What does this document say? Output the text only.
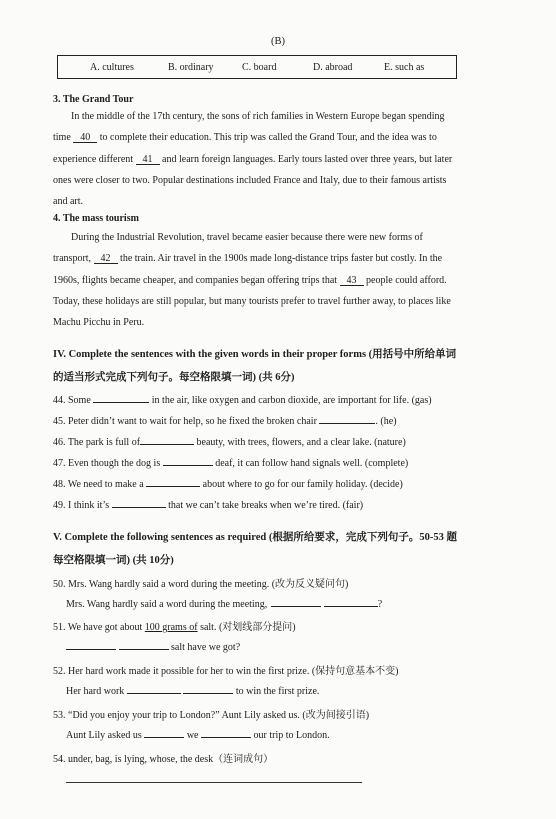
(B)
A. cultures	B. ordinary	C. board	D. abroad	E. such as
3. The Grand Tour
In the middle of the 17th century, the sons of rich families in Western Europe began spending
time 40 to complete their education. This trip was called the Grand Tour, and the idea was to
experience different 41 and learn foreign languages. Early tours lasted over three years, but later
ones were closer to two. Popular destinations included France and Italy, due to their famous artists
and art.
4. The mass tourism
During the Industrial Revolution, travel became easier because there were new forms of
transport, 42 the train. Air travel in the 1900s made long-distance trips faster but costly. In the
1960s, flights became cheaper, and companies began offering trips that 43 people could afford.
Today, these holidays are still popular, but many tourists prefer to travel further away, to places like
Machu Picchu in Peru.
IV. Complete the sentences with the given words in their proper forms (用括号中所给单词
的适当形式完成下列句子。每空格限填一词) (共 6分)
44. Some	in the air, like oxygen and carbon dioxide, are important for life. (gas)
45. Peter didn’t want to wait for help, so he fixed the broken chair	. (he)
46. The park is full of	beauty, with trees, flowers, and a clear lake. (nature)
47. Even though the dog is	deaf, it can follow hand signals well. (complete)
48. We need to make a	about where to go for our family holiday. (decide)
49. I think it’s	that we can’t take breaks when we’re tired. (fair)
V. Complete the following sentences as required (根据所给要求，完成下列句子。50-53 题
每空格限填一词) (共 10分)
50. Mrs. Wang hardly said a word during the meeting. (改为反义疑问句)
Mrs. Wang hardly said a word during the meeting,	?
51. We have got about 100 grams of salt. (对划线部分提问)
salt have we got?
52. Her hard work made it possible for her to win the first prize. (保持句意基本不变)
Her hard work	to win the first prize.
53. “Did you enjoy your trip to London?” Aunt Lily asked us. (改为间接引语)
Aunt Lily asked us	we	our trip to London.
54. under, bag, is lying, whose, the desk（连词成句）
